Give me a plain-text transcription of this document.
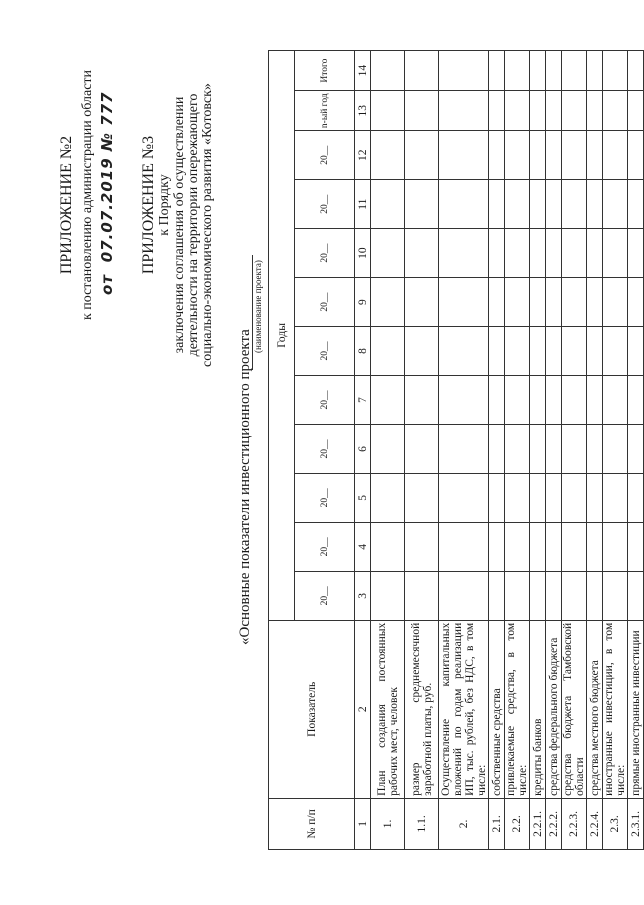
ПРИЛОЖЕНИЕ №2 к постановлению администрации области от 07.07.2019 № 777 ПРИЛОЖЕНИЕ №3 к Порядку заключения соглашения об осуществлении деятельности на территории опережающего социально-экономического развития «Котовск»
«Основные показатели инвестиционного проекта
(наименование проекта)
№ п/п	Показатель	Годы											
		20__	20__	20__	20__	20__	20__	20__	20__	20__	20__	n-ый год	Итого
1	2	3	4	5	6	7	8	9	10	11	12	13	14
1.	План создания постоянных рабочих мест, человек												
1.1.	размер среднемесячной заработной платы, руб.												
2.	Осуществление капитальных вложений по годам реализации ИП, тыс. рублей, без НДС, в том числе:												
2.1.	собственные средства												
2.2.	привлекаемые средства, в том числе:												
2.2.1.	кредиты банков												
2.2.2.	средства федерального бюджета												
2.2.3.	средства бюджета Тамбовской области												
2.2.4.	средства местного бюджета												
2.3.	иностранные инвестиции, в том числе:												
2.3.1.	прямые иностранные инвестиции												
